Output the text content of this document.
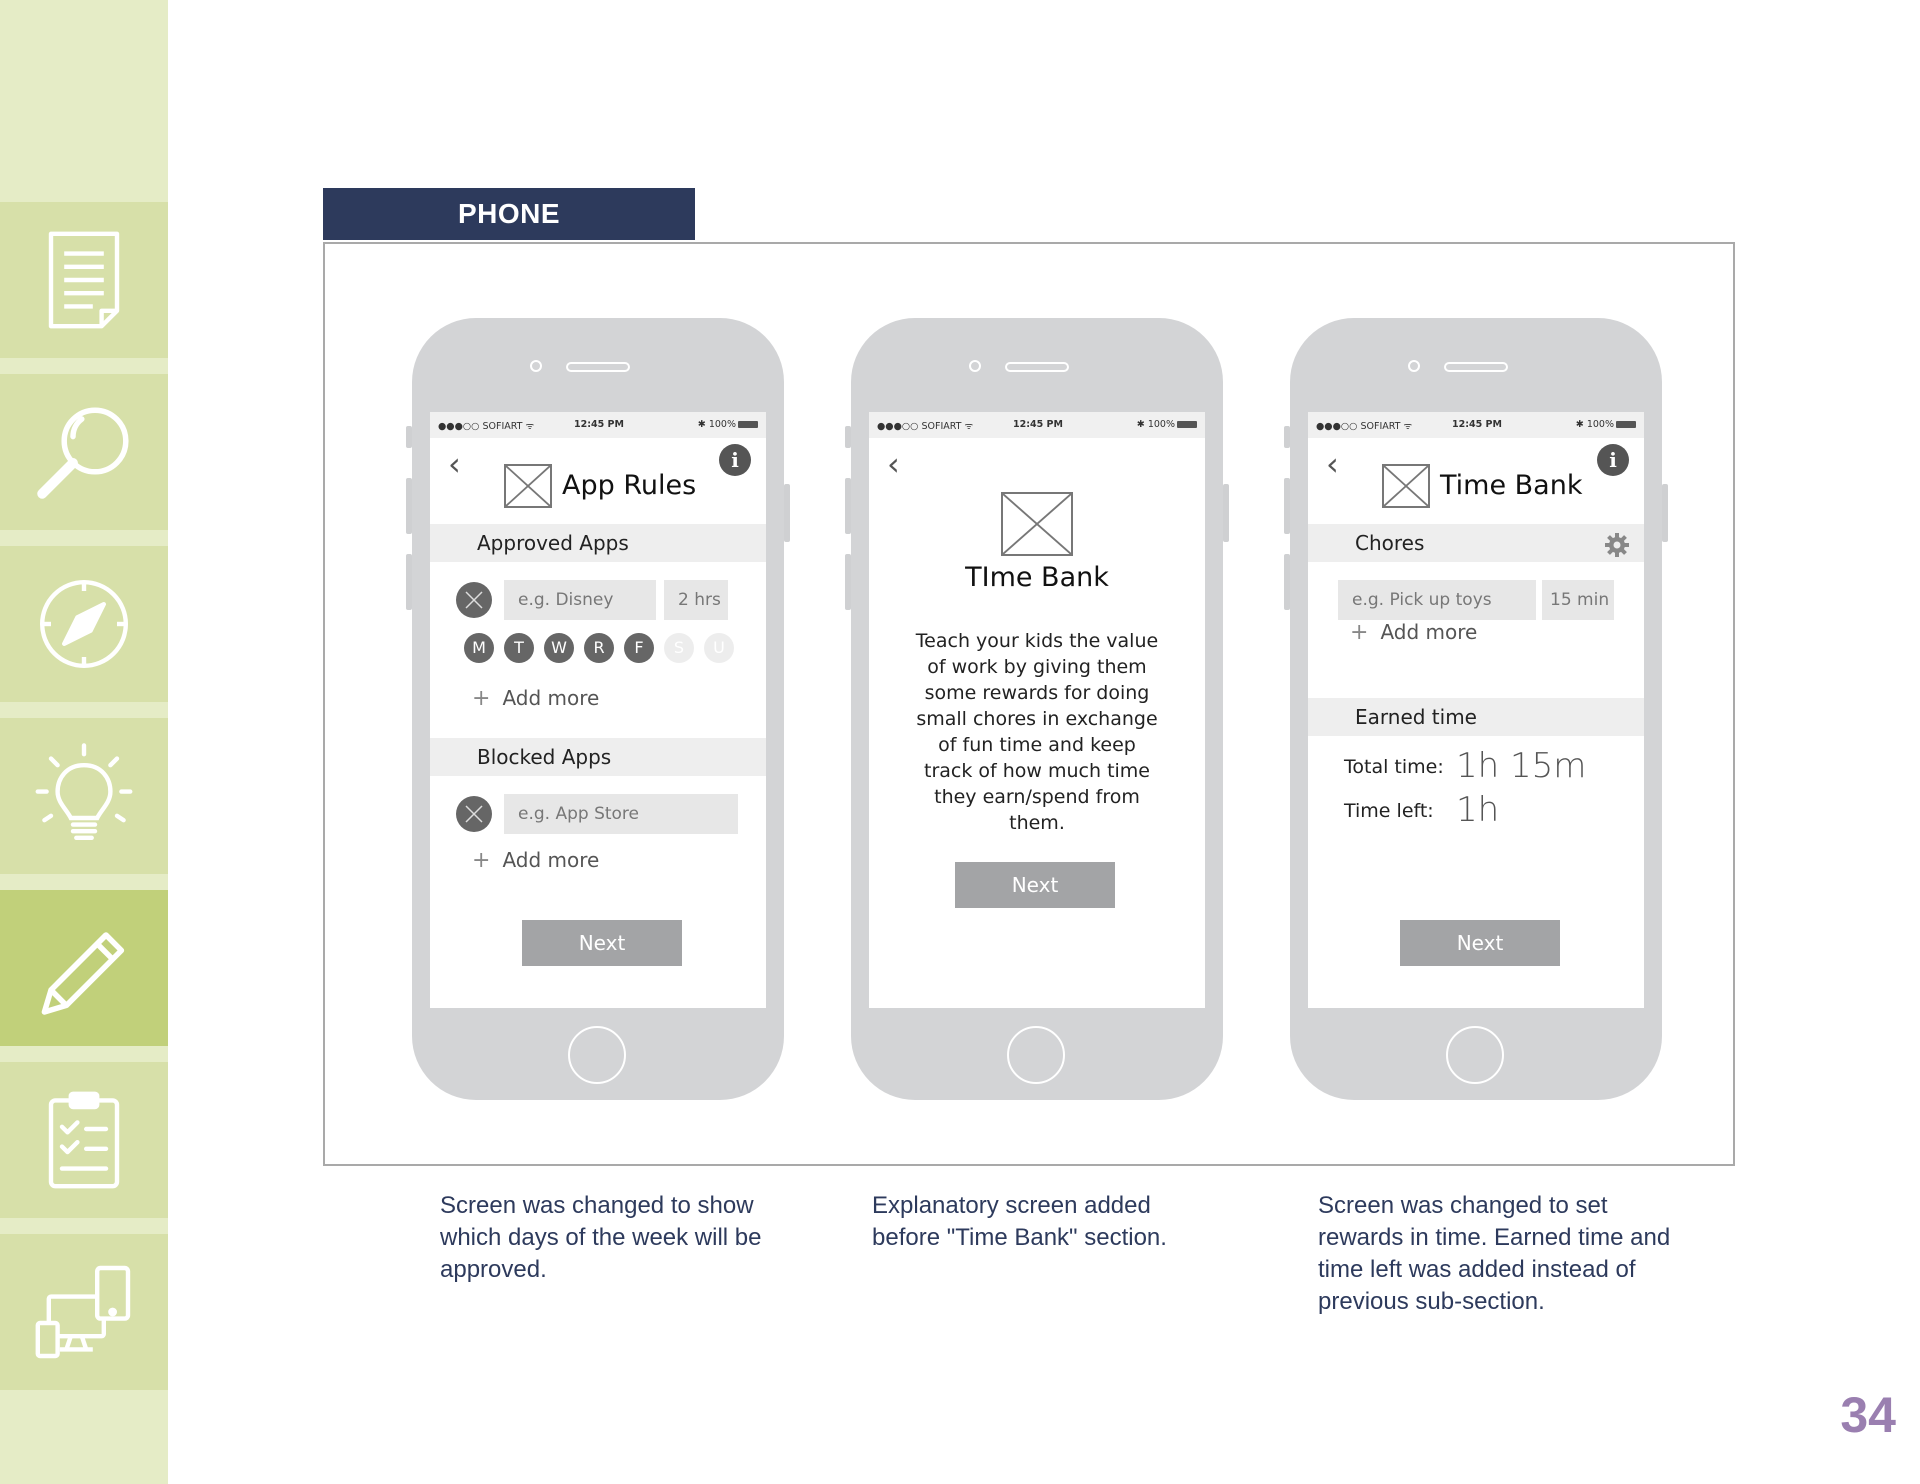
PHONE
●●●○○ SOFIART ᯤ	12:45 PM	✱ 100%
‹	i
App Rules
Approved Apps
e.g. Disney	2 hrs
M	T	W	R	F	S	U
+ Add more
Blocked Apps
e.g. App Store
+ Add more
Next
●●●○○ SOFIART ᯤ	12:45 PM	✱ 100%
‹
TIme Bank
Teach your kids the value of work by giving them some rewards for doing small chores in exchange of fun time and keep track of how much time they earn/spend from them.
Next
●●●○○ SOFIART ᯤ	12:45 PM	✱ 100%
‹	i
Time Bank
Chores
e.g. Pick up toys	15 min
+ Add more
Earned time
Total time: 1h 15m
Time left: 1h
Next
Screen was changed to show which days of the week will be approved.
Explanatory screen added before "Time Bank" section.
Screen was changed to set rewards in time. Earned time and time left was added instead of previous sub-section.
34
